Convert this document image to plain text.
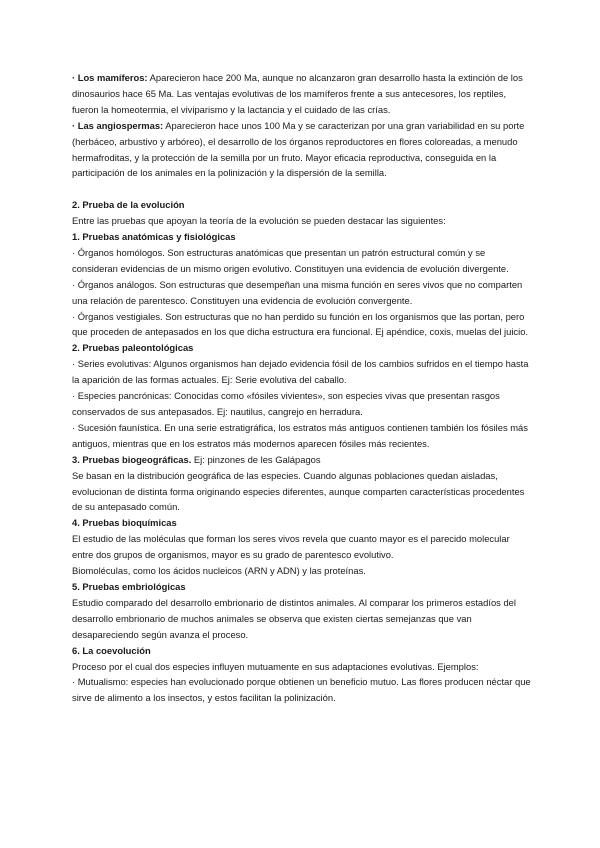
· Los mamíferos: Aparecieron hace 200 Ma, aunque no alcanzaron gran desarrollo hasta la extinción de los dinosaurios hace 65 Ma. Las ventajas evolutivas de los mamíferos frente a sus antecesores, los reptiles, fueron la homeotermia, el viviparismo y la lactancia y el cuidado de las crías.

· Las angiospermas: Aparecieron hace unos 100 Ma y se caracterizan por una gran variabilidad en su porte (herbáceo, arbustivo y arbóreo), el desarrollo de los órganos reproductores en flores coloreadas, a menudo hermafroditas, y la protección de la semilla por un fruto. Mayor eficacia reproductiva, conseguida en la participación de los animales en la polinización y la dispersión de la semilla.

2. Prueba de la evolución

Entre las pruebas que apoyan la teoría de la evolución se pueden destacar las siguientes:

1. Pruebas anatómicas y fisiológicas

· Órganos homólogos. Son estructuras anatómicas que presentan un patrón estructural común y se consideran evidencias de un mismo origen evolutivo. Constituyen una evidencia de evolución divergente.

· Órganos análogos. Son estructuras que desempeñan una misma función en seres vivos que no comparten una relación de parentesco. Constituyen una evidencia de evolución convergente.

· Órganos vestigiales. Son estructuras que no han perdido su función en los organismos que las portan, pero que proceden de antepasados en los que dicha estructura era funcional. Ej apéndice, coxis, muelas del juicio.

2. Pruebas paleontológicas

· Series evolutivas: Algunos organismos han dejado evidencia fósil de los cambios sufridos en el tiempo hasta la aparición de las formas actuales. Ej: Serie evolutiva del caballo.

· Especies pancrónicas: Conocidas como «fósiles vivientes», son especies vivas que presentan rasgos conservados de sus antepasados. Ej: nautilus, cangrejo en herradura.

· Sucesión faunística. En una serie estratigráfica, los estratos más antiguos contienen también los fósiles más antiguos, mientras que en los estratos más modernos aparecen fósiles más recientes.

3. Pruebas biogeográficas. Ej: pinzones de les Galápagos

Se basan en la distribución geográfica de las especies. Cuando algunas poblaciones quedan aisladas, evolucionan de distinta forma originando especies diferentes, aunque comparten características procedentes de su antepasado común.

4. Pruebas bioquímicas

El estudio de las moléculas que forman los seres vivos revela que cuanto mayor es el parecido molecular entre dos grupos de organismos, mayor es su grado de parentesco evolutivo.

Biomoléculas, como los ácidos nucleicos (ARN y ADN) y las proteínas.

5. Pruebas embriológicas

Estudio comparado del desarrollo embrionario de distintos animales. Al comparar los primeros estadíos del desarrollo embrionario de muchos animales se observa que existen ciertas semejanzas que van desapareciendo según avanza el proceso.

6. La coevolución

Proceso por el cual dos especies influyen mutuamente en sus adaptaciones evolutivas. Ejemplos:

· Mutualismo: especies han evolucionado porque obtienen un beneficio mutuo. Las flores producen néctar que sirve de alimento a los insectos, y estos facilitan la polinización.
